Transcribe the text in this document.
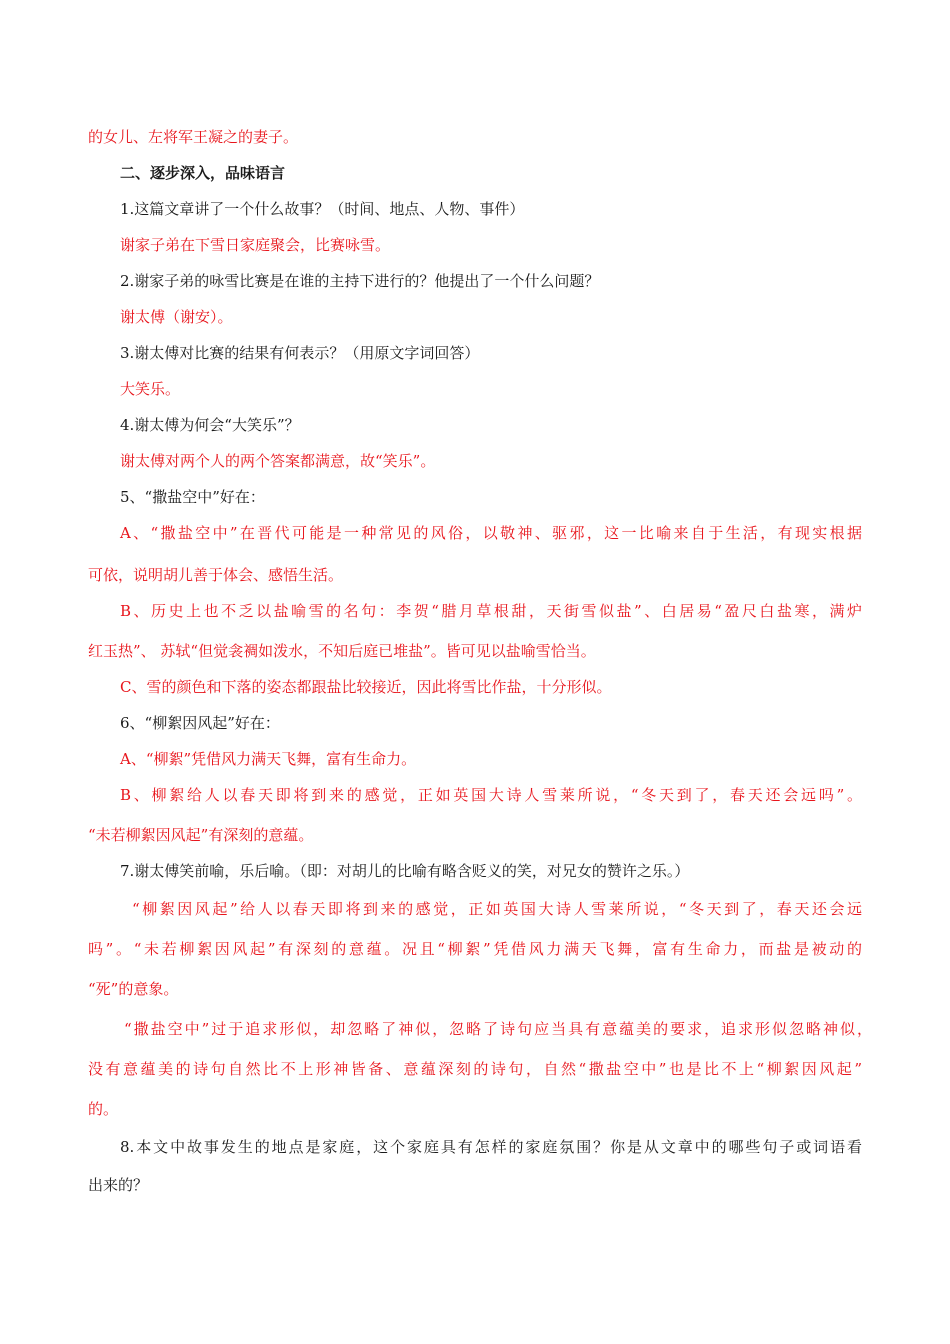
的女儿、左将军王凝之的妻子。
二、逐步深入，品味语言
1.这篇文章讲了一个什么故事？（时间、地点、人物、事件）
谢家子弟在下雪日家庭聚会，比赛咏雪。
2.谢家子弟的咏雪比赛是在谁的主持下进行的？他提出了一个什么问题？
谢太傅（谢安）。
3.谢太傅对比赛的结果有何表示？（用原文字词回答）
大笑乐。
4.谢太傅为何会“大笑乐”？
谢太傅对两个人的两个答案都满意，故“笑乐”。
5、“撒盐空中”好在：
A、“撒盐空中”在晋代可能是一种常见的风俗，以敬神、驱邪，这一比喻来自于生活，有现实根据
可依，说明胡儿善于体会、感悟生活。
B、历史上也不乏以盐喻雪的名句：李贺“腊月草根甜，天街雪似盐”、白居易“盈尺白盐寒，满炉
红玉热”、 苏轼“但觉衾裯如泼水，不知后庭已堆盐”。皆可见以盐喻雪恰当。
C、雪的颜色和下落的姿态都跟盐比较接近，因此将雪比作盐，十分形似。
6、“柳絮因风起”好在：
A、“柳絮”凭借风力满天飞舞，富有生命力。
B、柳絮给人以春天即将到来的感觉，正如英国大诗人雪莱所说，“冬天到了，春天还会远吗”。
“未若柳絮因风起”有深刻的意蕴。
7.谢太傅笑前喻，乐后喻。（即：对胡儿的比喻有略含贬义的笑，对兄女的赞许之乐。）
“柳絮因风起”给人以春天即将到来的感觉，正如英国大诗人雪莱所说，“冬天到了，春天还会远
吗”。“未若柳絮因风起”有深刻的意蕴。况且“柳絮”凭借风力满天飞舞，富有生命力，而盐是被动的
“死”的意象。
“撒盐空中”过于追求形似，却忽略了神似，忽略了诗句应当具有意蕴美的要求，追求形似忽略神似，
没有意蕴美的诗句自然比不上形神皆备、意蕴深刻的诗句，自然“撒盐空中”也是比不上“柳絮因风起”
的。
8.本文中故事发生的地点是家庭，这个家庭具有怎样的家庭氛围？你是从文章中的哪些句子或词语看
出来的？
